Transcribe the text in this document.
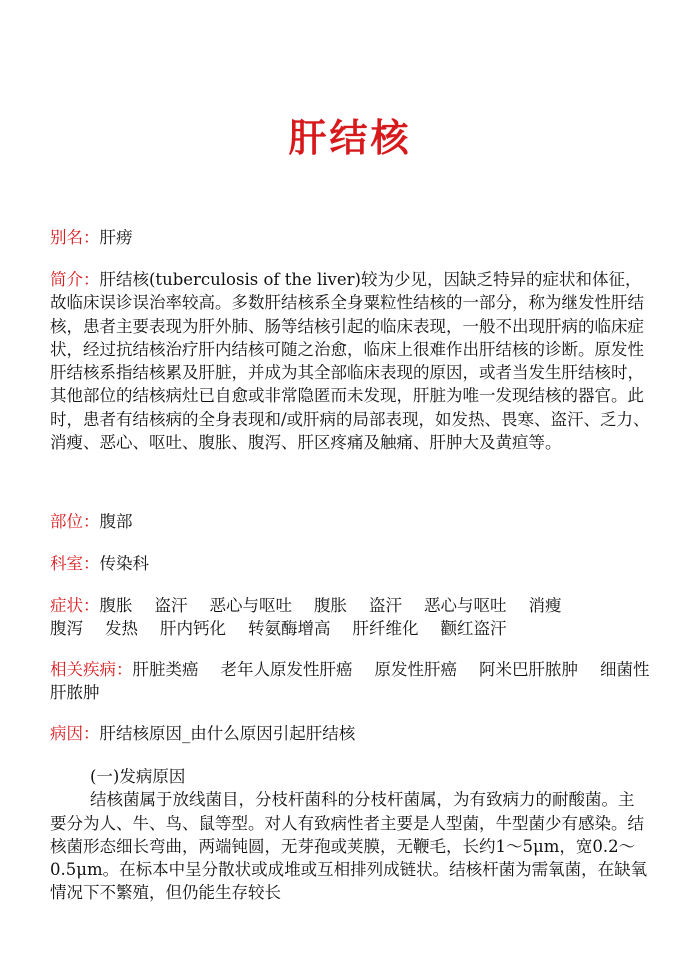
肝结核
别名：肝痨

简介：肝结核(tuberculosis of the liver)较为少见，因缺乏特异的症状和体征，故临床误诊误治率较高。多数肝结核系全身粟粒性结核的一部分，称为继发性肝结核，患者主要表现为肝外肺、肠等结核引起的临床表现，一般不出现肝病的临床症状，经过抗结核治疗肝内结核可随之治愈，临床上很难作出肝结核的诊断。原发性肝结核系指结核累及肝脏，并成为其全部临床表现的原因，或者当发生肝结核时，其他部位的结核病灶已自愈或非常隐匿而未发现，肝脏为唯一发现结核的器官。此时，患者有结核病的全身表现和/或肝病的局部表现，如发热、畏寒、盗汗、乏力、消瘦、恶心、呕吐、腹胀、腹泻、肝区疼痛及触痛、肝肿大及黄疸等。

部位：腹部
科室：传染科
症状：腹胀 盗汗 恶心与呕吐 腹胀 盗汗 恶心与呕吐 消瘦
腹泻 发热 肝内钙化 转氨酶增高 肝纤维化 颧红盗汗
相关疾病：肝脏类癌 老年人原发性肝癌 原发性肝癌 阿米巴肝脓肿 细菌性肝脓肿
病因：肝结核原因_由什么原因引起肝结核

(一)发病原因

结核菌属于放线菌目，分枝杆菌科的分枝杆菌属，为有致病力的耐酸菌。主要分为人、牛、鸟、鼠等型。对人有致病性者主要是人型菌，牛型菌少有感染。结核菌形态细长弯曲，两端钝圆，无芽孢或荚膜，无鞭毛，长约1～5μm，宽0.2～0.5μm。在标本中呈分散状或成堆或互相排列成链状。结核杆菌为需氧菌，在缺氧情况下不繁殖，但仍能生存较长
